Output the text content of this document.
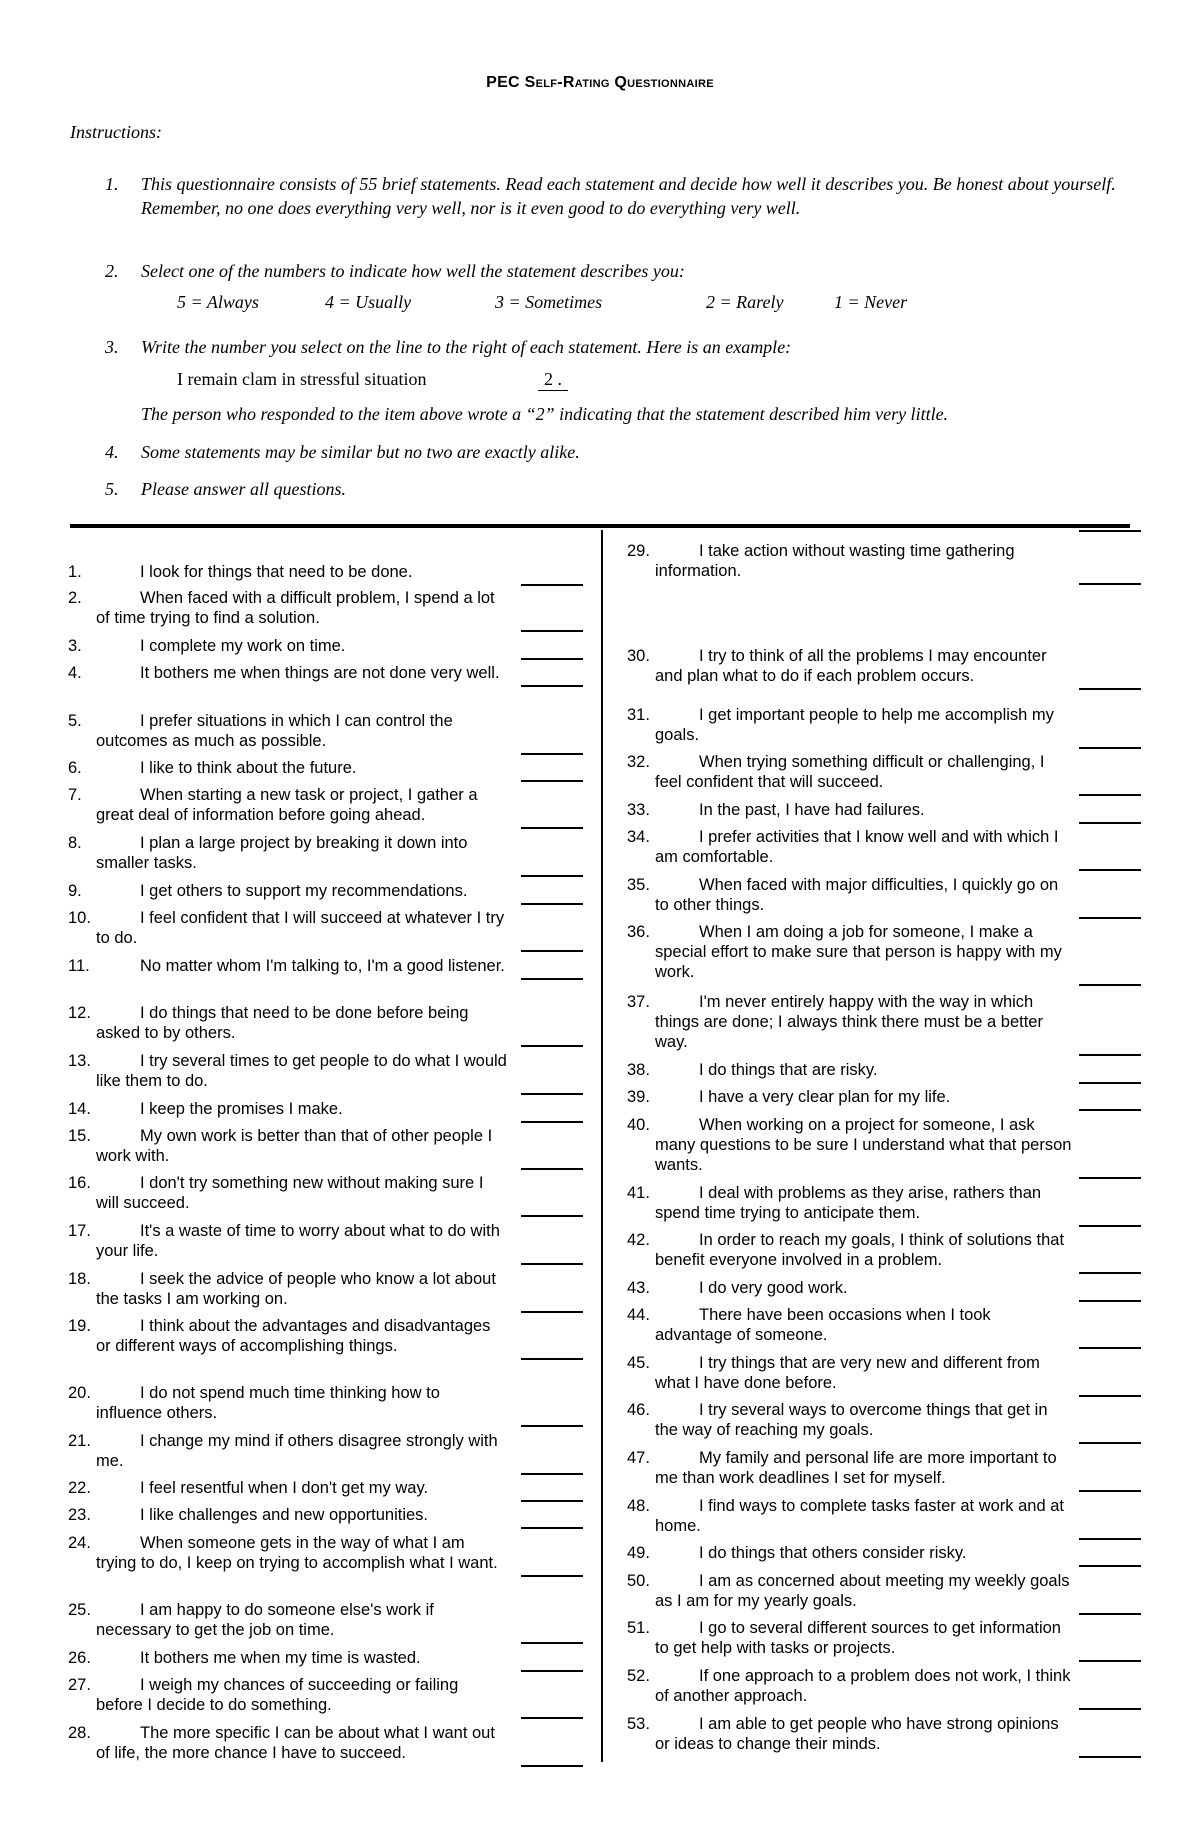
PEC Self-Rating Questionnaire
Instructions:
1.	This questionnaire consists of 55 brief statements. Read each statement and decide how well it describes you. Be honest about yourself. Remember, no one does everything very well, nor is it even good to do everything very well.
2.	Select one of the numbers to indicate how well the statement describes you:
5 = Always	4 = Usually	3 = Sometimes	2 = Rarely	1 = Never
3.	Write the number you select on the line to the right of each statement. Here is an example:
I remain clam in stressful situation	2 .
The person who responded to the item above wrote a “2” indicating that the statement described him very little.
4.	Some statements may be similar but no two are exactly alike.
5.	Please answer all questions.
1.	I look for things that need to be done.
2.	When faced with a difficult problem, I spend a lot of time trying to find a solution.
3.	I complete my work on time.
4.	It bothers me when things are not done very well.
5.	I prefer situations in which I can control the outcomes as much as possible.
6.	I like to think about the future.
7.	When starting a new task or project, I gather a great deal of information before going ahead.
8.	I plan a large project by breaking it down into smaller tasks.
9.	I get others to support my recommendations.
10.	I feel confident that I will succeed at whatever I try to do.
11.	No matter whom I'm talking to, I'm a good listener.
12.	I do things that need to be done before being asked to by others.
13.	I try several times to get people to do what I would like them to do.
14.	I keep the promises I make.
15.	My own work is better than that of other people I work with.
16.	I don't try something new without making sure I will succeed.
17.	It's a waste of time to worry about what to do with your life.
18.	I seek the advice of people who know a lot about the tasks I am working on.
19.	I think about the advantages and disadvantages or different ways of accomplishing things.
20.	I do not spend much time thinking how to influence others.
21.	I change my mind if others disagree strongly with me.
22.	I feel resentful when I don't get my way.
23.	I like challenges and new opportunities.
24.	When someone gets in the way of what I am trying to do, I keep on trying to accomplish what I want.
25.	I am happy to do someone else's work if necessary to get the job on time.
26.	It bothers me when my time is wasted.
27.	I weigh my chances of succeeding or failing before I decide to do something.
28.	The more specific I can be about what I want out of life, the more chance I have to succeed.
29.	I take action without wasting time gathering information.
30.	I try to think of all the problems I may encounter and plan what to do if each problem occurs.
31.	I get important people to help me accomplish my goals.
32.	When trying something difficult or challenging, I feel confident that will succeed.
33.	In the past, I have had failures.
34.	I prefer activities that I know well and with which I am comfortable.
35.	When faced with major difficulties, I quickly go on to other things.
36.	When I am doing a job for someone, I make a special effort to make sure that person is happy with my work.
37.	I'm never entirely happy with the way in which things are done; I always think there must be a better way.
38.	I do things that are risky.
39.	I have a very clear plan for my life.
40.	When working on a project for someone, I ask many questions to be sure I understand what that person wants.
41.	I deal with problems as they arise, rathers than spend time trying to anticipate them.
42.	In order to reach my goals, I think of solutions that benefit everyone involved in a problem.
43.	I do very good work.
44.	There have been occasions when I took advantage of someone.
45.	I try things that are very new and different from what I have done before.
46.	I try several ways to overcome things that get in the way of reaching my goals.
47.	My family and personal life are more important to me than work deadlines I set for myself.
48.	I find ways to complete tasks faster at work and at home.
49.	I do things that others consider risky.
50.	I am as concerned about meeting my weekly goals as I am for my yearly goals.
51.	I go to several different sources to get information to get help with tasks or projects.
52.	If one approach to a problem does not work, I think of another approach.
53.	I am able to get people who have strong opinions or ideas to change their minds.
